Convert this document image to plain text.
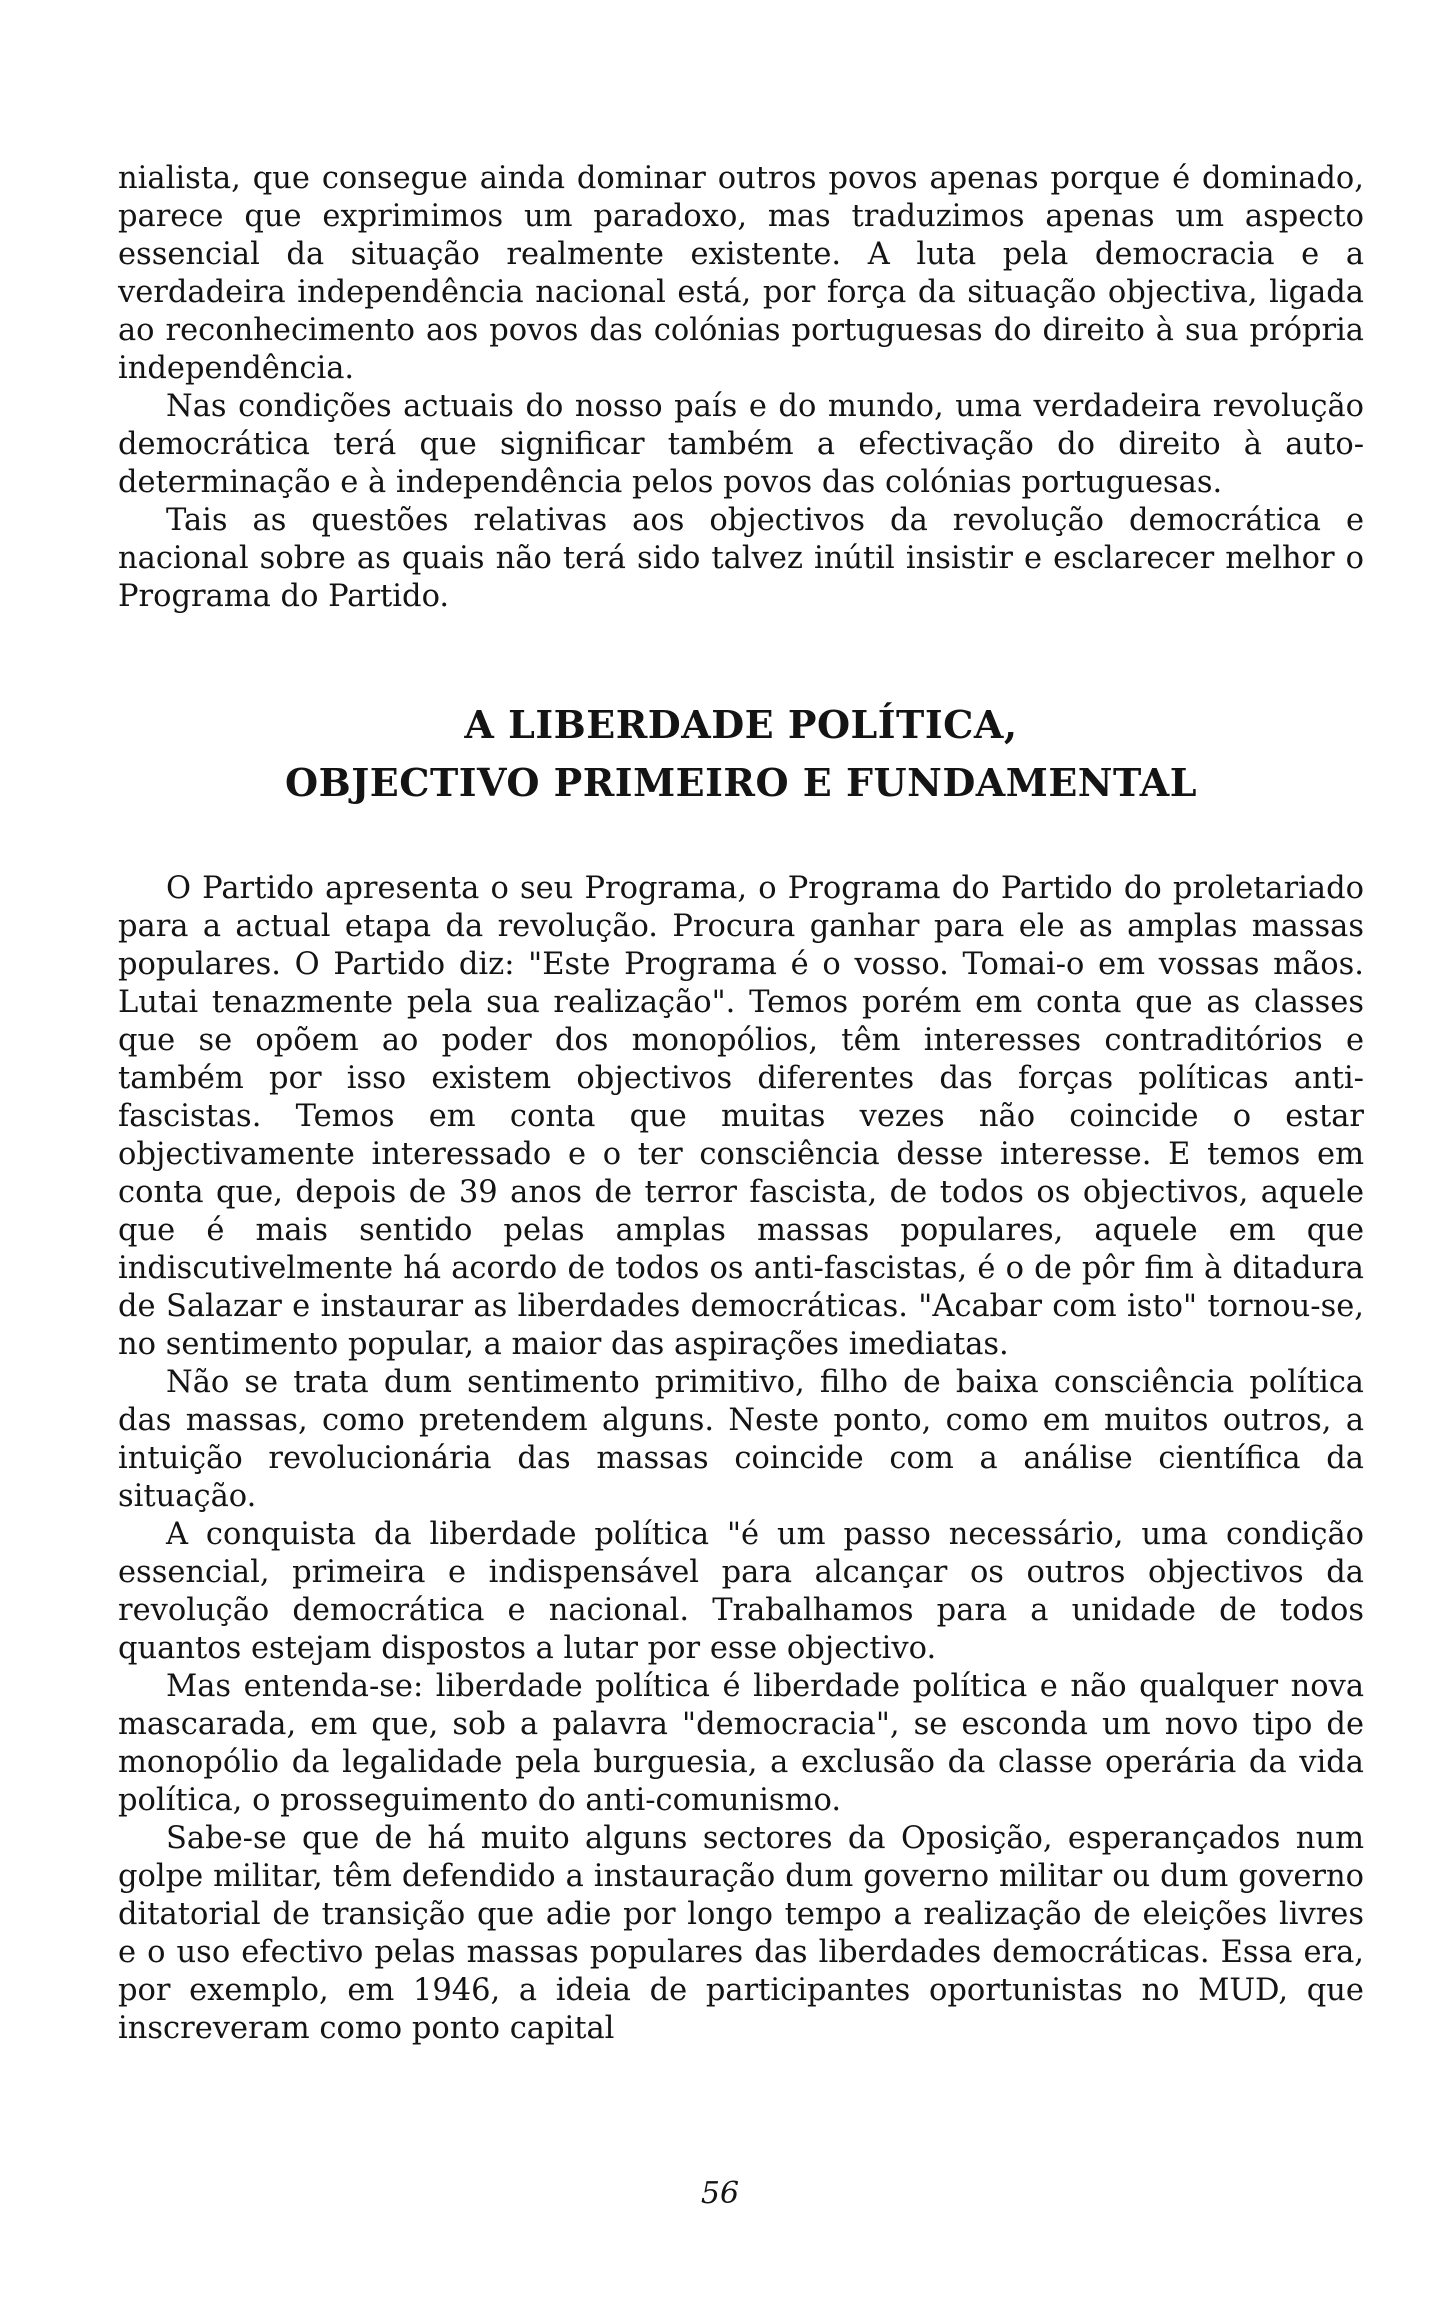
nialista, que consegue ainda dominar outros povos apenas porque é dominado, parece que exprimimos um paradoxo, mas traduzimos apenas um aspecto essencial da situação realmente existente. A luta pela democracia e a verdadeira independência nacional está, por força da situação objectiva, ligada ao reconhecimento aos povos das colónias portuguesas do direito à sua própria independência.

Nas condições actuais do nosso país e do mundo, uma verdadeira revolução democrática terá que significar também a efectivação do direito à auto-determinação e à independência pelos povos das colónias portuguesas.

Tais as questões relativas aos objectivos da revolução democrática e nacional sobre as quais não terá sido talvez inútil insistir e esclarecer melhor o Programa do Partido.

A LIBERDADE POLÍTICA,
OBJECTIVO PRIMEIRO E FUNDAMENTAL

O Partido apresenta o seu Programa, o Programa do Partido do proletariado para a actual etapa da revolução. Procura ganhar para ele as amplas massas populares. O Partido diz: "Este Programa é o vosso. Tomai-o em vossas mãos. Lutai tenazmente pela sua realização". Temos porém em conta que as classes que se opõem ao poder dos monopólios, têm interesses contraditórios e também por isso existem objectivos diferentes das forças políticas anti-fascistas. Temos em conta que muitas vezes não coincide o estar objectivamente interessado e o ter consciência desse interesse. E temos em conta que, depois de 39 anos de terror fascista, de todos os objectivos, aquele que é mais sentido pelas amplas massas populares, aquele em que indiscutivelmente há acordo de todos os anti-fascistas, é o de pôr fim à ditadura de Salazar e instaurar as liberdades democráticas. "Acabar com isto" tornou-se, no sentimento popular, a maior das aspirações imediatas.

Não se trata dum sentimento primitivo, filho de baixa consciência política das massas, como pretendem alguns. Neste ponto, como em muitos outros, a intuição revolucionária das massas coincide com a análise científica da situação.

A conquista da liberdade política "é um passo necessário, uma condição essencial, primeira e indispensável para alcançar os outros objectivos da revolução democrática e nacional. Trabalhamos para a unidade de todos quantos estejam dispostos a lutar por esse objectivo.

Mas entenda-se: liberdade política é liberdade política e não qualquer nova mascarada, em que, sob a palavra "democracia", se esconda um novo tipo de monopólio da legalidade pela burguesia, a exclusão da classe operária da vida política, o prosseguimento do anti-comunismo.

Sabe-se que de há muito alguns sectores da Oposição, esperançados num golpe militar, têm defendido a instauração dum governo militar ou dum governo ditatorial de transição que adie por longo tempo a realização de eleições livres e o uso efectivo pelas massas populares das liberdades democráticas. Essa era, por exemplo, em 1946, a ideia de participantes oportunistas no MUD, que inscreveram como ponto capital

56
